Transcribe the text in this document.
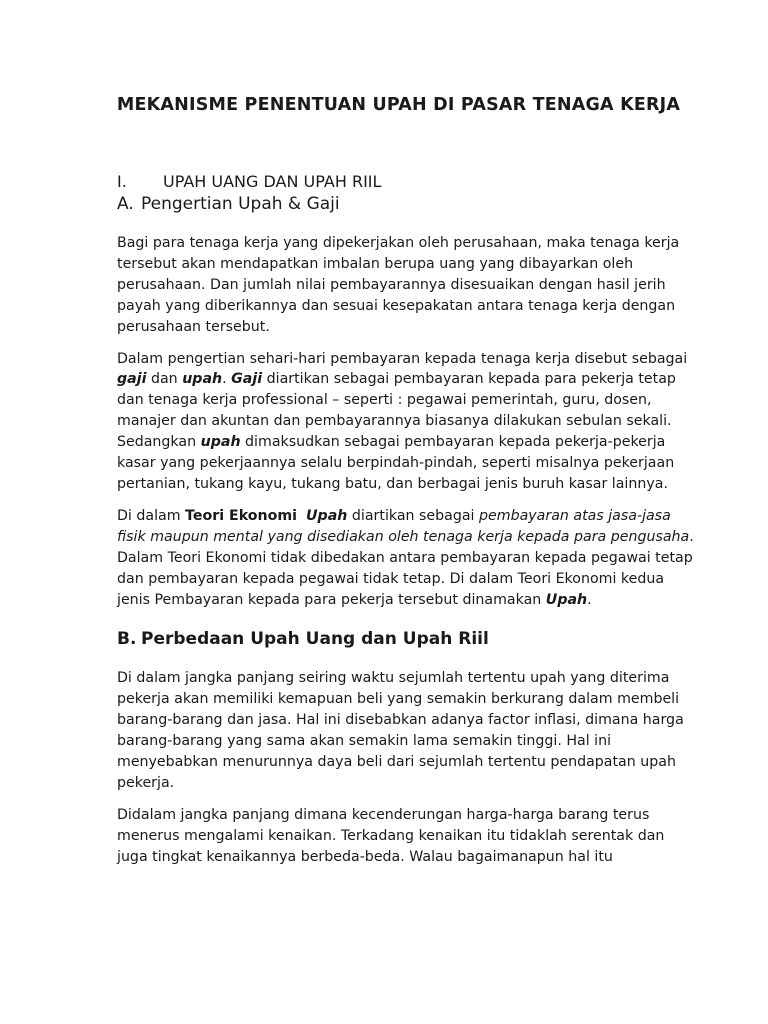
MEKANISME PENENTUAN UPAH DI PASAR TENAGA KERJA
I.	UPAH UANG DAN UPAH RIIL
A. Pengertian Upah & Gaji

Bagi para tenaga kerja yang dipekerjakan oleh perusahaan, maka tenaga kerja tersebut akan mendapatkan imbalan berupa uang yang dibayarkan oleh perusahaan. Dan jumlah nilai pembayarannya disesuaikan dengan hasil jerih payah yang diberikannya dan sesuai kesepakatan antara tenaga kerja dengan perusahaan tersebut.

Dalam pengertian sehari-hari pembayaran kepada tenaga kerja disebut sebagai gaji dan upah. Gaji diartikan sebagai pembayaran kepada para pekerja tetap dan tenaga kerja professional – seperti : pegawai pemerintah, guru, dosen, manajer dan akuntan dan pembayarannya biasanya dilakukan sebulan sekali. Sedangkan upah dimaksudkan sebagai pembayaran kepada pekerja-pekerja kasar yang pekerjaannya selalu berpindah-pindah, seperti misalnya pekerjaan pertanian, tukang kayu, tukang batu, dan berbagai jenis buruh kasar lainnya.

Di dalam Teori Ekonomi Upah diartikan sebagai pembayaran atas jasa-jasa fisik maupun mental yang disediakan oleh tenaga kerja kepada para pengusaha. Dalam Teori Ekonomi tidak dibedakan antara pembayaran kepada pegawai tetap dan pembayaran kepada pegawai tidak tetap. Di dalam Teori Ekonomi kedua jenis Pembayaran kepada para pekerja tersebut dinamakan Upah.

B. Perbedaan Upah Uang dan Upah Riil

Di dalam jangka panjang seiring waktu sejumlah tertentu upah yang diterima pekerja akan memiliki kemapuan beli yang semakin berkurang dalam membeli barang-barang dan jasa. Hal ini disebabkan adanya factor inflasi, dimana harga barang-barang yang sama akan semakin lama semakin tinggi. Hal ini menyebabkan menurunnya daya beli dari sejumlah tertentu pendapatan upah pekerja.

Didalam jangka panjang dimana kecenderungan harga-harga barang terus menerus mengalami kenaikan. Terkadang kenaikan itu tidaklah serentak dan juga tingkat kenaikannya berbeda-beda. Walau bagaimanapun hal itu
